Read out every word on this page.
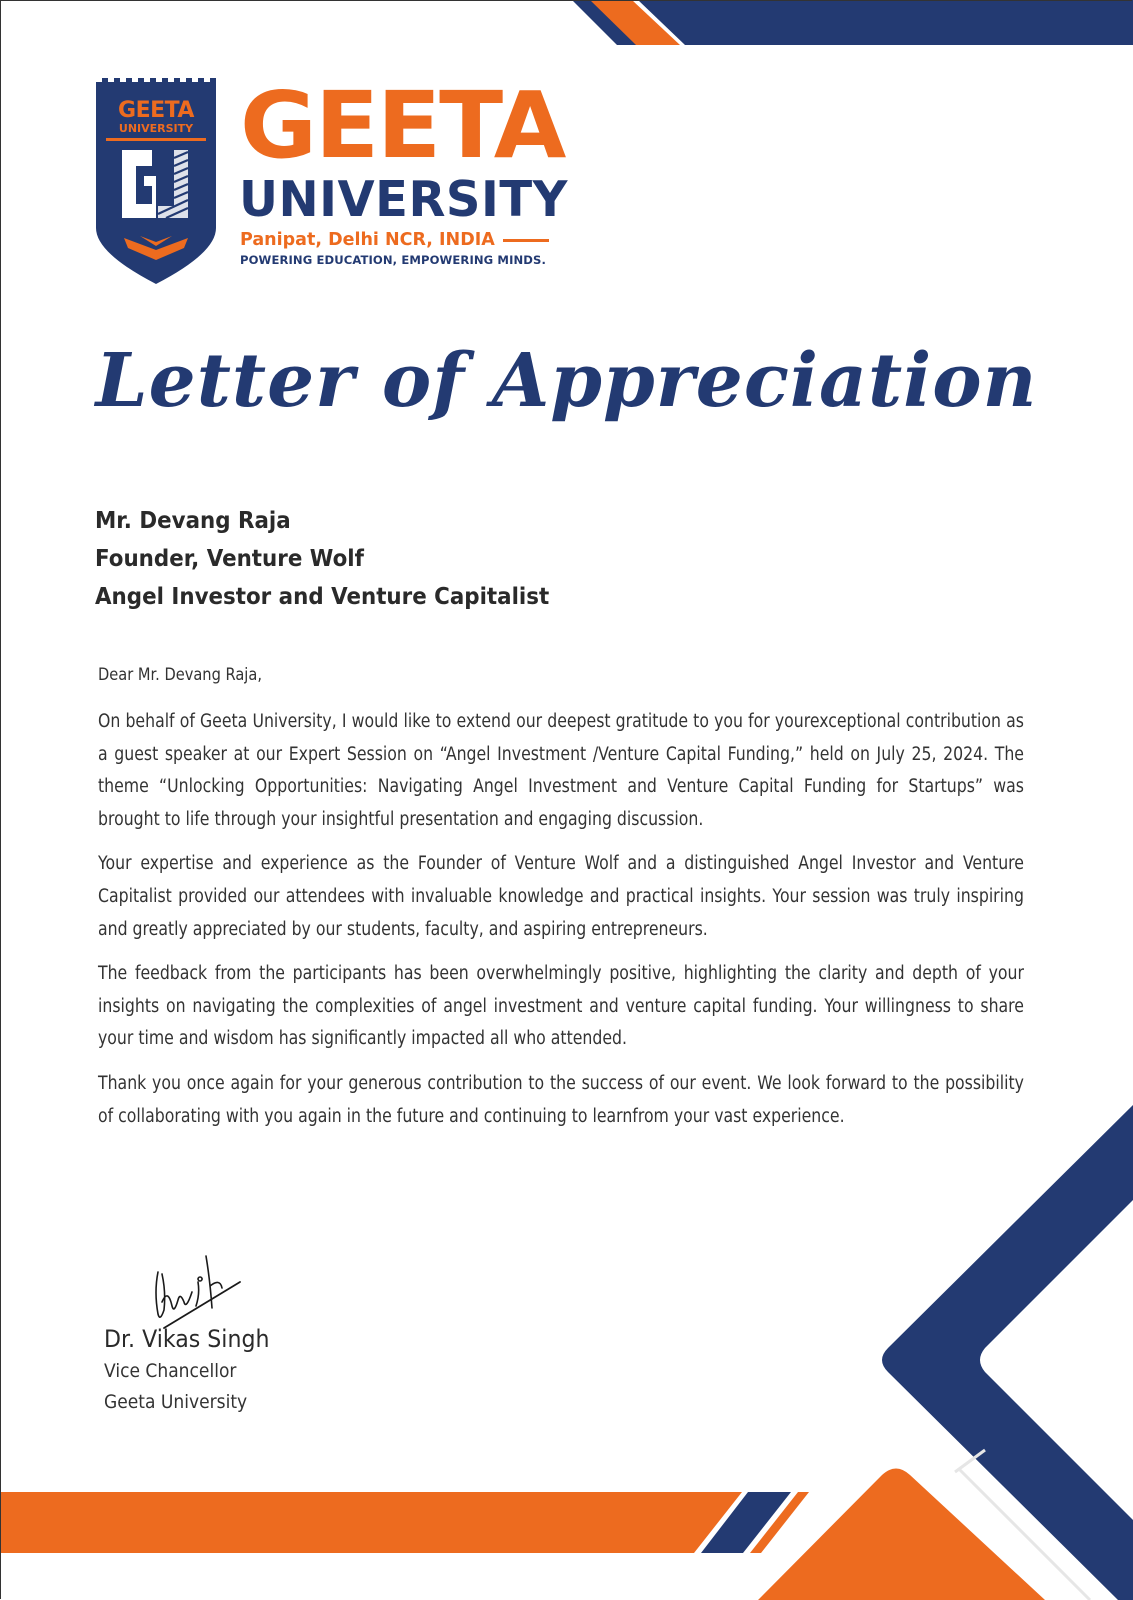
GEETA
UNIVERSITY GEETA
UNIVERSITY
Panipat, Delhi NCR, INDIA
POWERING EDUCATION, EMPOWERING MINDS.
Letter of Appreciation
Mr. Devang Raja
Founder, Venture Wolf
Angel Investor and Venture Capitalist
Dear Mr. Devang Raja,

On behalf of Geeta University, I would like to extend our deepest gratitude to you for yourexceptional contribution as a guest speaker at our Expert Session on “Angel Investment /Venture Capital Funding,” held on July 25, 2024. The theme “Unlocking Opportunities: Navigating Angel Investment and Venture Capital Funding for Startups” was brought to life through your insightful presentation and engaging discussion.

Your expertise and experience as the Founder of Venture Wolf and a distinguished Angel Investor and Venture Capitalist provided our attendees with invaluable knowledge and practical insights. Your session was truly inspiring and greatly appreciated by our students, faculty, and aspiring entrepreneurs.

The feedback from the participants has been overwhelmingly positive, highlighting the clarity and depth of your insights on navigating the complexities of angel investment and venture capital funding. Your willingness to share your time and wisdom has significantly impacted all who attended.

Thank you once again for your generous contribution to the success of our event. We look forward to the possibility of collaborating with you again in the future and continuing to learnfrom your vast experience.

Dr. Vikas Singh
Vice Chancellor
Geeta University
